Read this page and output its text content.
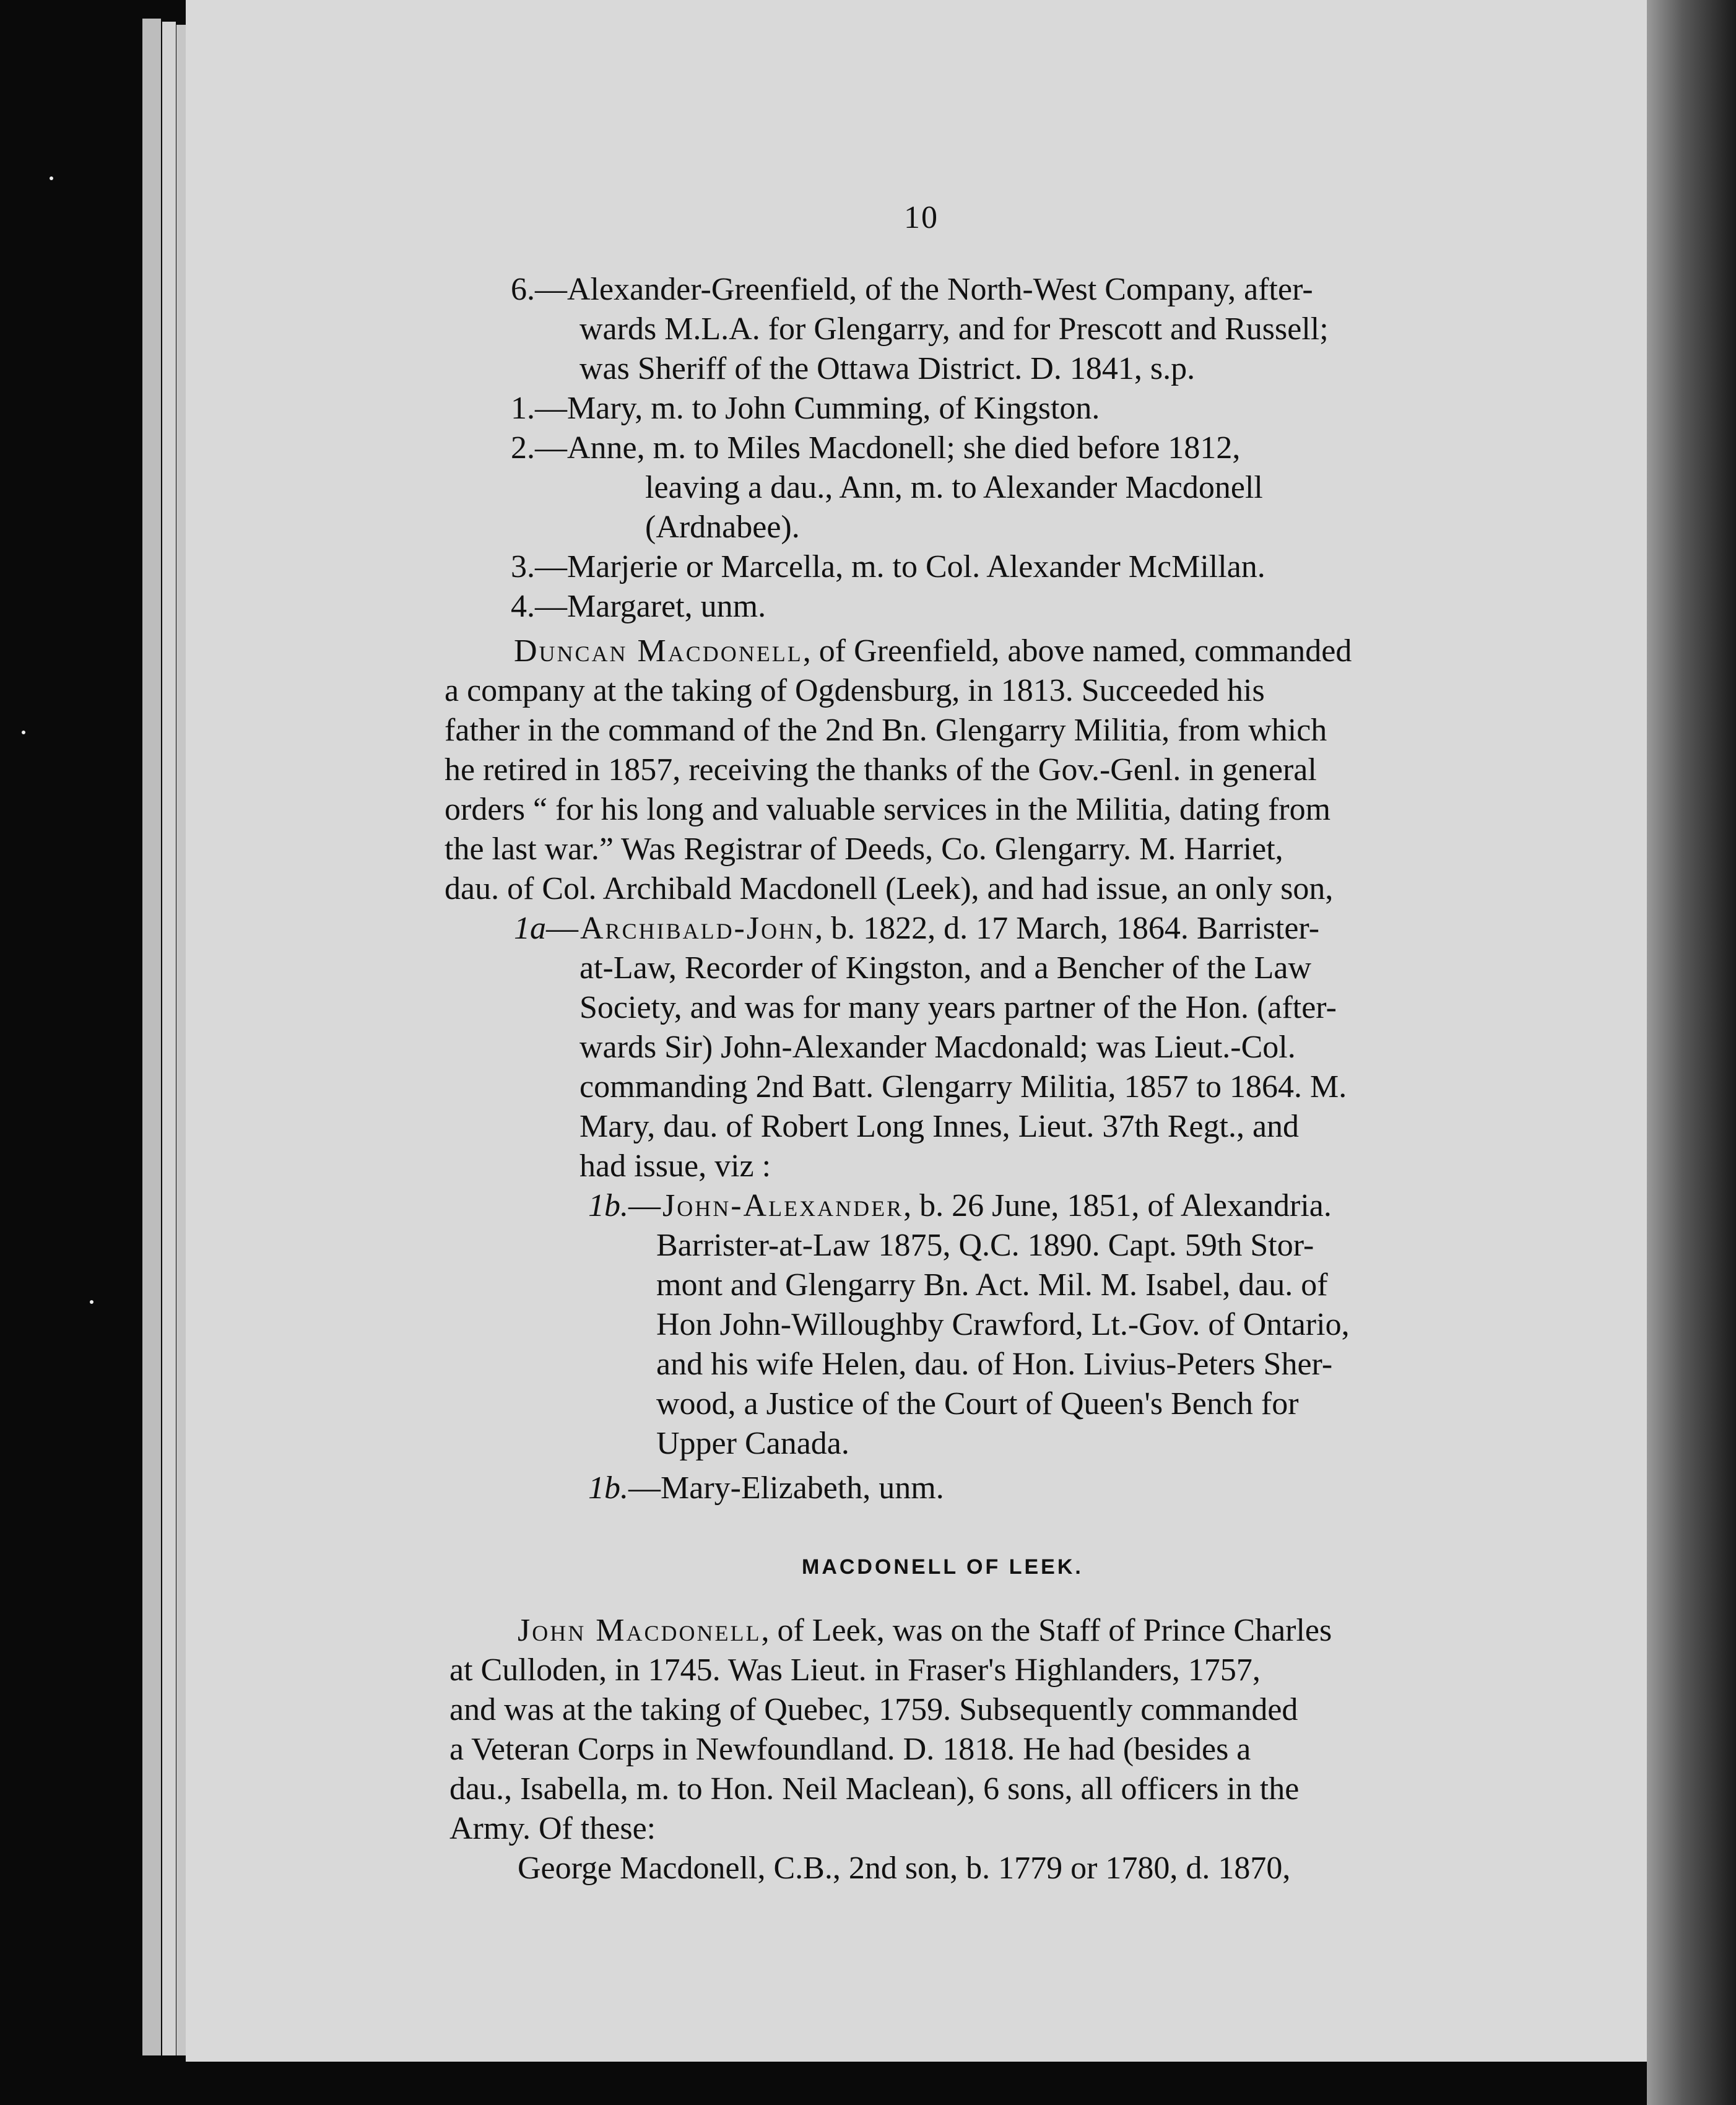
10
6.—Alexander-Greenfield, of the North-West Company, after-
wards M.L.A. for Glengarry, and for Prescott and Russell;
was Sheriff of the Ottawa District. D. 1841, s.p.
1.—Mary, m. to John Cumming, of Kingston.
2.—Anne, m. to Miles Macdonell; she died before 1812,
leaving a dau., Ann, m. to Alexander Macdonell
(Ardnabee).
3.—Marjerie or Marcella, m. to Col. Alexander McMillan.
4.—Margaret, unm.
Duncan Macdonell, of Greenfield, above named, commanded
a company at the taking of Ogdensburg, in 1813. Succeeded his
father in the command of the 2nd Bn. Glengarry Militia, from which
he retired in 1857, receiving the thanks of the Gov.-Genl. in general
orders “ for his long and valuable services in the Militia, dating from
the last war.” Was Registrar of Deeds, Co. Glengarry. M. Harriet,
dau. of Col. Archibald Macdonell (Leek), and had issue, an only son,
1a—Archibald-John, b. 1822, d. 17 March, 1864. Barrister-
at-Law, Recorder of Kingston, and a Bencher of the Law
Society, and was for many years partner of the Hon. (after-
wards Sir) John-Alexander Macdonald; was Lieut.-Col.
commanding 2nd Batt. Glengarry Militia, 1857 to 1864. M.
Mary, dau. of Robert Long Innes, Lieut. 37th Regt., and
had issue, viz :
1b.—John-Alexander, b. 26 June, 1851, of Alexandria.
Barrister-at-Law 1875, Q.C. 1890. Capt. 59th Stor-
mont and Glengarry Bn. Act. Mil. M. Isabel, dau. of
Hon John-Willoughby Crawford, Lt.-Gov. of Ontario,
and his wife Helen, dau. of Hon. Livius-Peters Sher-
wood, a Justice of the Court of Queen's Bench for
Upper Canada.
1b.—Mary-Elizabeth, unm.
MACDONELL OF LEEK.
John Macdonell, of Leek, was on the Staff of Prince Charles
at Culloden, in 1745. Was Lieut. in Fraser's Highlanders, 1757,
and was at the taking of Quebec, 1759. Subsequently commanded
a Veteran Corps in Newfoundland. D. 1818. He had (besides a
dau., Isabella, m. to Hon. Neil Maclean), 6 sons, all officers in the
Army. Of these:
George Macdonell, C.B., 2nd son, b. 1779 or 1780, d. 1870,
